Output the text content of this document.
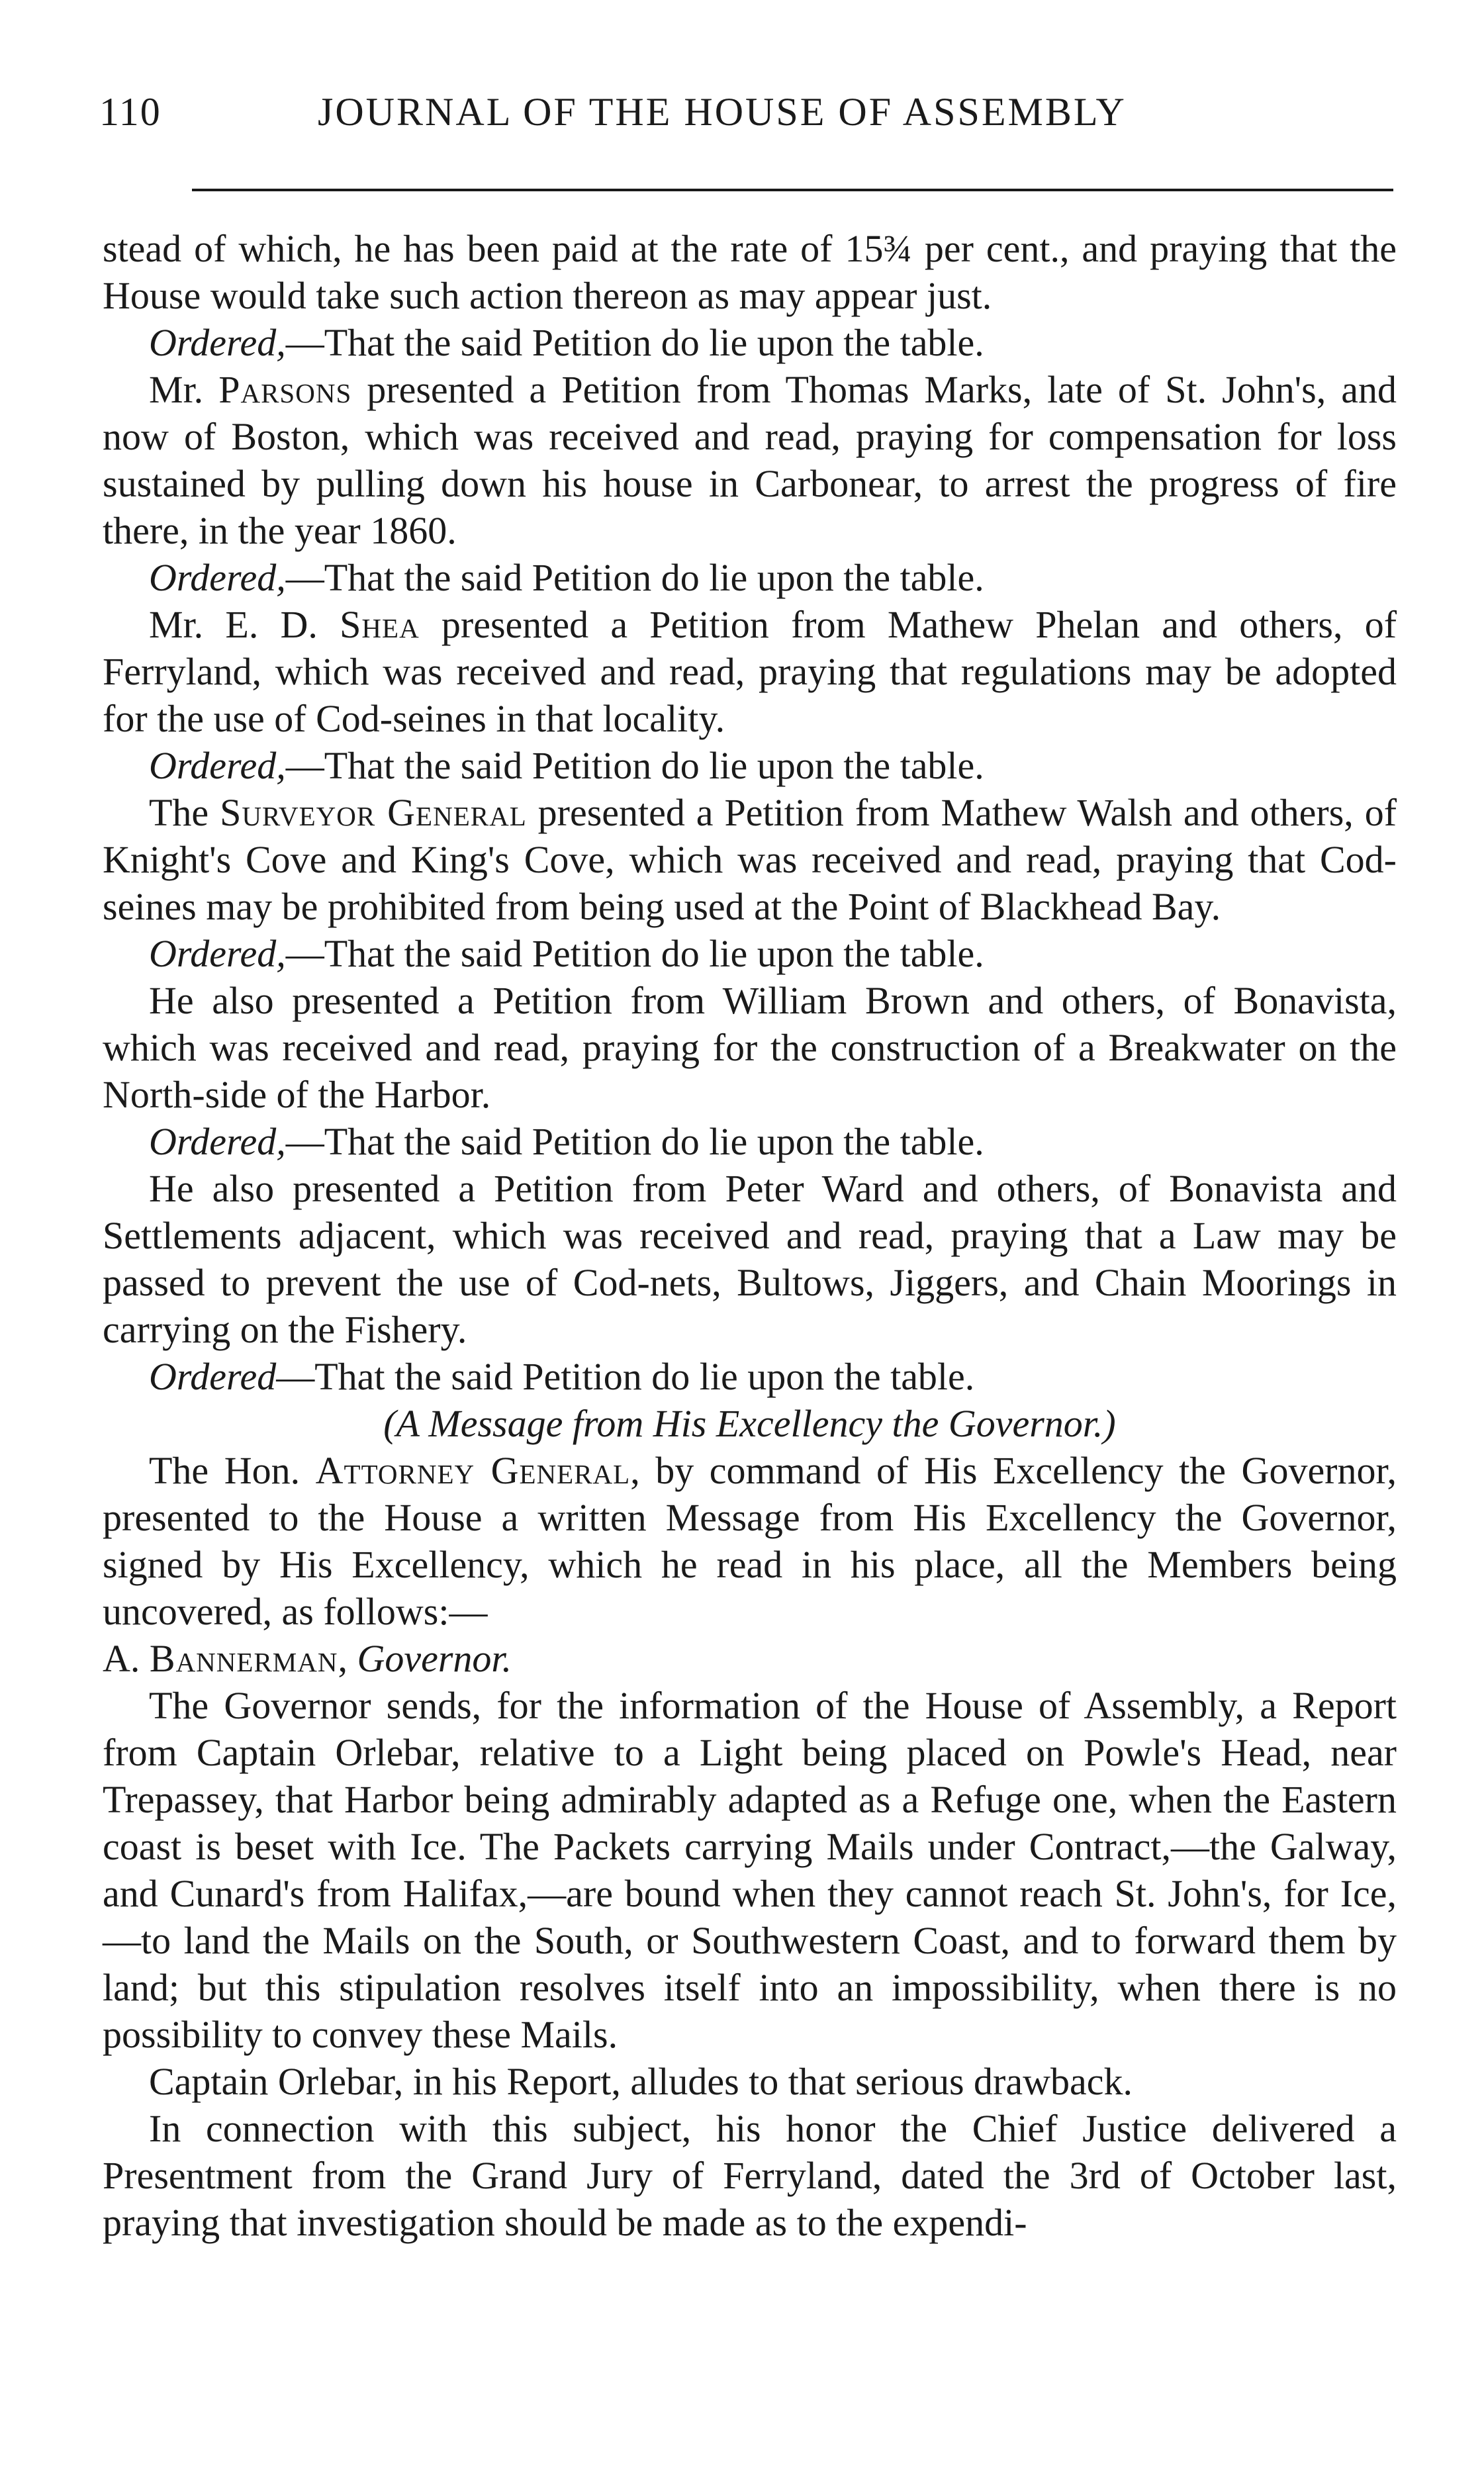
110	JOURNAL OF THE HOUSE OF ASSEMBLY

stead of which, he has been paid at the rate of 15¾ per cent., and praying that the House would take such action thereon as may appear just.

Ordered,—That the said Petition do lie upon the table.

Mr. Parsons presented a Petition from Thomas Marks, late of St. John's, and now of Boston, which was received and read, praying for compensation for loss sustained by pulling down his house in Carbonear, to arrest the progress of fire there, in the year 1860.

Ordered,—That the said Petition do lie upon the table.

Mr. E. D. Shea presented a Petition from Mathew Phelan and others, of Ferryland, which was received and read, praying that regulations may be adopted for the use of Cod-seines in that locality.

Ordered,—That the said Petition do lie upon the table.

The Surveyor General presented a Petition from Mathew Walsh and others, of Knight's Cove and King's Cove, which was received and read, praying that Cod-seines may be prohibited from being used at the Point of Blackhead Bay.

Ordered,—That the said Petition do lie upon the table.

He also presented a Petition from William Brown and others, of Bonavista, which was received and read, praying for the construction of a Breakwater on the North-side of the Harbor.

Ordered,—That the said Petition do lie upon the table.

He also presented a Petition from Peter Ward and others, of Bonavista and Settlements adjacent, which was received and read, praying that a Law may be passed to prevent the use of Cod-nets, Bultows, Jiggers, and Chain Moorings in carrying on the Fishery.

Ordered—That the said Petition do lie upon the table.

(A Message from His Excellency the Governor.)

The Hon. Attorney General, by command of His Excellency the Governor, presented to the House a written Message from His Excellency the Governor, signed by His Excellency, which he read in his place, all the Members being uncovered, as follows:—

A. Bannerman, Governor.

The Governor sends, for the information of the House of Assembly, a Report from Captain Orlebar, relative to a Light being placed on Powle's Head, near Trepassey, that Harbor being admirably adapted as a Refuge one, when the Eastern coast is beset with Ice. The Packets carrying Mails under Contract,—the Galway, and Cunard's from Halifax,—are bound when they cannot reach St. John's, for Ice,—to land the Mails on the South, or Southwestern Coast, and to forward them by land; but this stipulation resolves itself into an impossibility, when there is no possibility to convey these Mails.

Captain Orlebar, in his Report, alludes to that serious drawback.

In connection with this subject, his honor the Chief Justice delivered a Presentment from the Grand Jury of Ferryland, dated the 3rd of October last, praying that investigation should be made as to the expendi-
